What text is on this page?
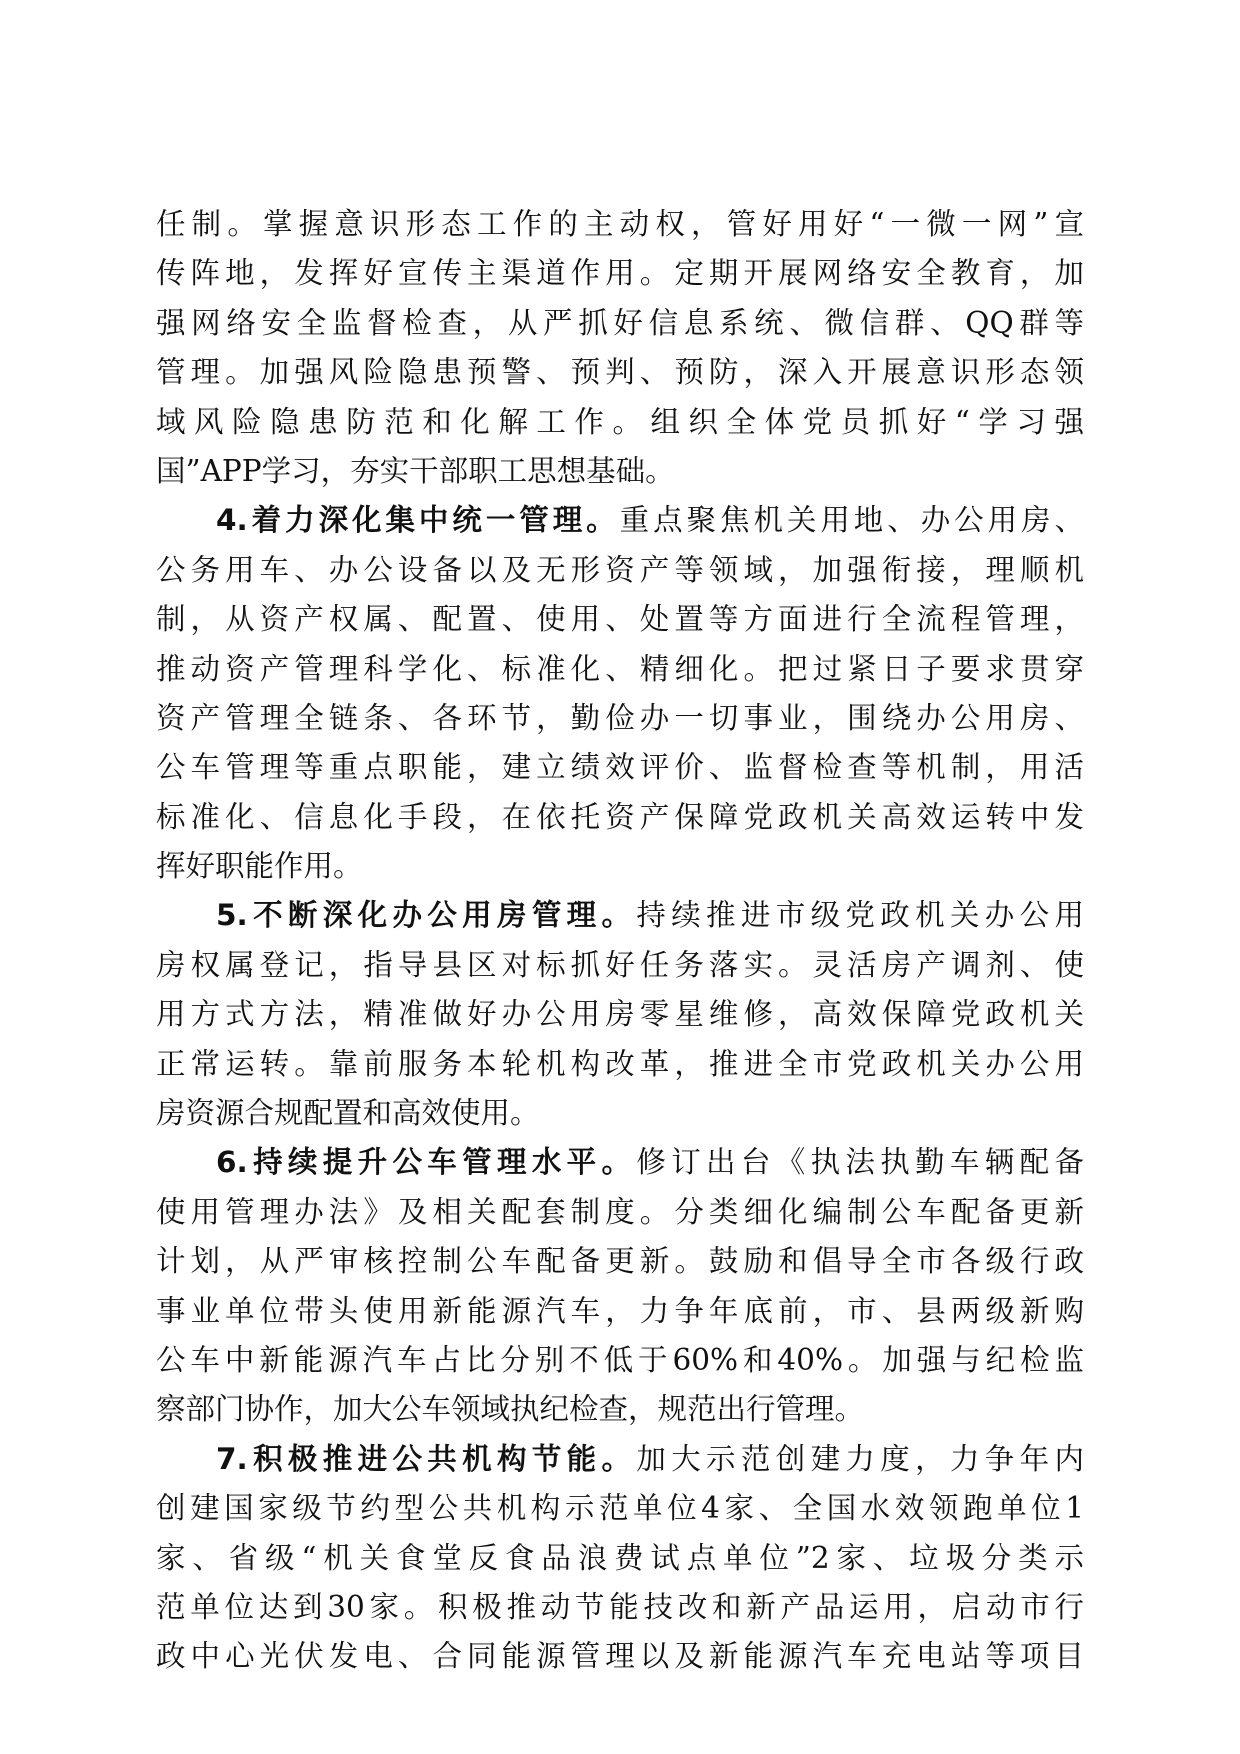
任制。掌握意识形态工作的主动权，管好用好“一微一网”宣
传阵地，发挥好宣传主渠道作用。定期开展网络安全教育，加
强网络安全监督检查，从严抓好信息系统、微信群、QQ群等
管理。加强风险隐患预警、预判、预防，深入开展意识形态领
域风险隐患防范和化解工作。组织全体党员抓好“学习强
国”APP学习，夯实干部职工思想基础。
4.着力深化集中统一管理。重点聚焦机关用地、办公用房、
公务用车、办公设备以及无形资产等领域，加强衔接，理顺机
制，从资产权属、配置、使用、处置等方面进行全流程管理，
推动资产管理科学化、标准化、精细化。把过紧日子要求贯穿
资产管理全链条、各环节，勤俭办一切事业，围绕办公用房、
公车管理等重点职能，建立绩效评价、监督检查等机制，用活
标准化、信息化手段，在依托资产保障党政机关高效运转中发
挥好职能作用。
5.不断深化办公用房管理。持续推进市级党政机关办公用
房权属登记，指导县区对标抓好任务落实。灵活房产调剂、使
用方式方法，精准做好办公用房零星维修，高效保障党政机关
正常运转。靠前服务本轮机构改革，推进全市党政机关办公用
房资源合规配置和高效使用。
6.持续提升公车管理水平。修订出台《执法执勤车辆配备
使用管理办法》及相关配套制度。分类细化编制公车配备更新
计划，从严审核控制公车配备更新。鼓励和倡导全市各级行政
事业单位带头使用新能源汽车，力争年底前，市、县两级新购
公车中新能源汽车占比分别不低于60%和40%。加强与纪检监
察部门协作，加大公车领域执纪检查，规范出行管理。
7.积极推进公共机构节能。加大示范创建力度，力争年内
创建国家级节约型公共机构示范单位4家、全国水效领跑单位1
家、省级“机关食堂反食品浪费试点单位”2家、垃圾分类示
范单位达到30家。积极推动节能技改和新产品运用，启动市行
政中心光伏发电、合同能源管理以及新能源汽车充电站等项目
